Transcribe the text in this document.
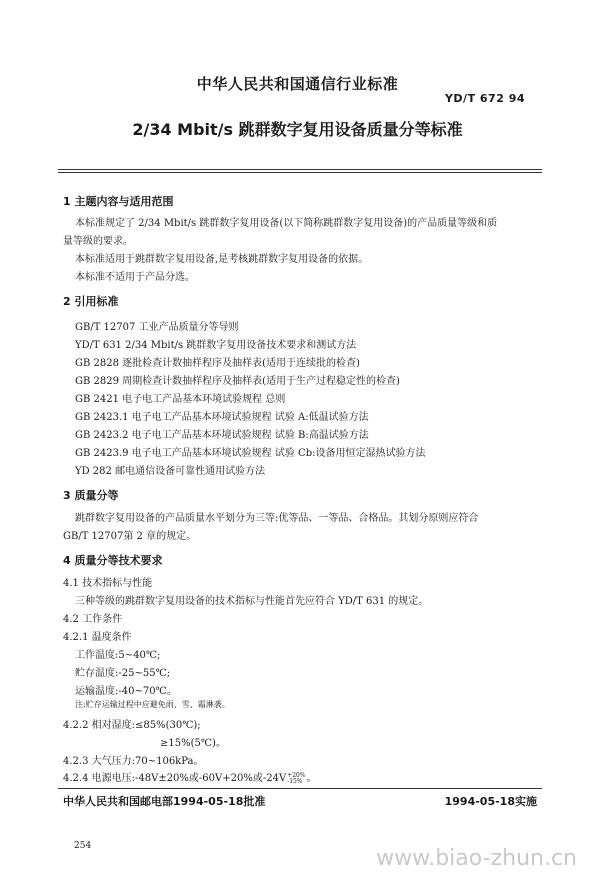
中华人民共和国通信行业标准
YD/T 672 94
2/34 Mbit/s 跳群数字复用设备质量分等标准
1 主题内容与适用范围
本标准规定了 2/34 Mbit/s 跳群数字复用设备(以下简称跳群数字复用设备)的产品质量等级和质
量等级的要求。
本标准适用于跳群数字复用设备,是考核跳群数字复用设备的依据。
本标准不适用于产品分选。
2 引用标准
GB/T 12707 工业产品质量分等导则
YD/T 631 2/34 Mbit/s 跳群数字复用设备技术要求和测试方法
GB 2828 逐批检查计数抽样程序及抽样表(适用于连续批的检查)
GB 2829 周期检查计数抽样程序及抽样表(适用于生产过程稳定性的检查)
GB 2421 电子电工产品基本环境试验规程 总则
GB 2423.1 电子电工产品基本环境试验规程 试验 A:低温试验方法
GB 2423.2 电子电工产品基本环境试验规程 试验 B:高温试验方法
GB 2423.9 电子电工产品基本环境试验规程 试验 Cb:设备用恒定湿热试验方法
YD 282 邮电通信设备可靠性通用试验方法
3 质量分等
跳群数字复用设备的产品质量水平划分为三等:优等品、一等品、合格品。其划分原则应符合
GB/T 12707第 2 章的规定。
4 质量分等技术要求
4.1 技术指标与性能
三种等级的跳群数字复用设备的技术指标与性能首先应符合 YD/T 631 的规定。
4.2 工作条件
4.2.1 温度条件
工作温度:5~40℃;
贮存温度:-25~55℃;
运输温度:-40~70℃。
注:贮存运输过程中应避免雨、雪、霜淋袭。
4.2.2 相对湿度:≤85%(30℃);
≥15%(5℃)。
4.2.3 大气压力:70~106kPa。
4.2.4 电源电压:-48V±20%或-60V+20%或-24V +20%
-15% 。
中华人民共和国邮电部1994-05-18批准	1994-05-18实施
254	www.biao-zhun.cn
